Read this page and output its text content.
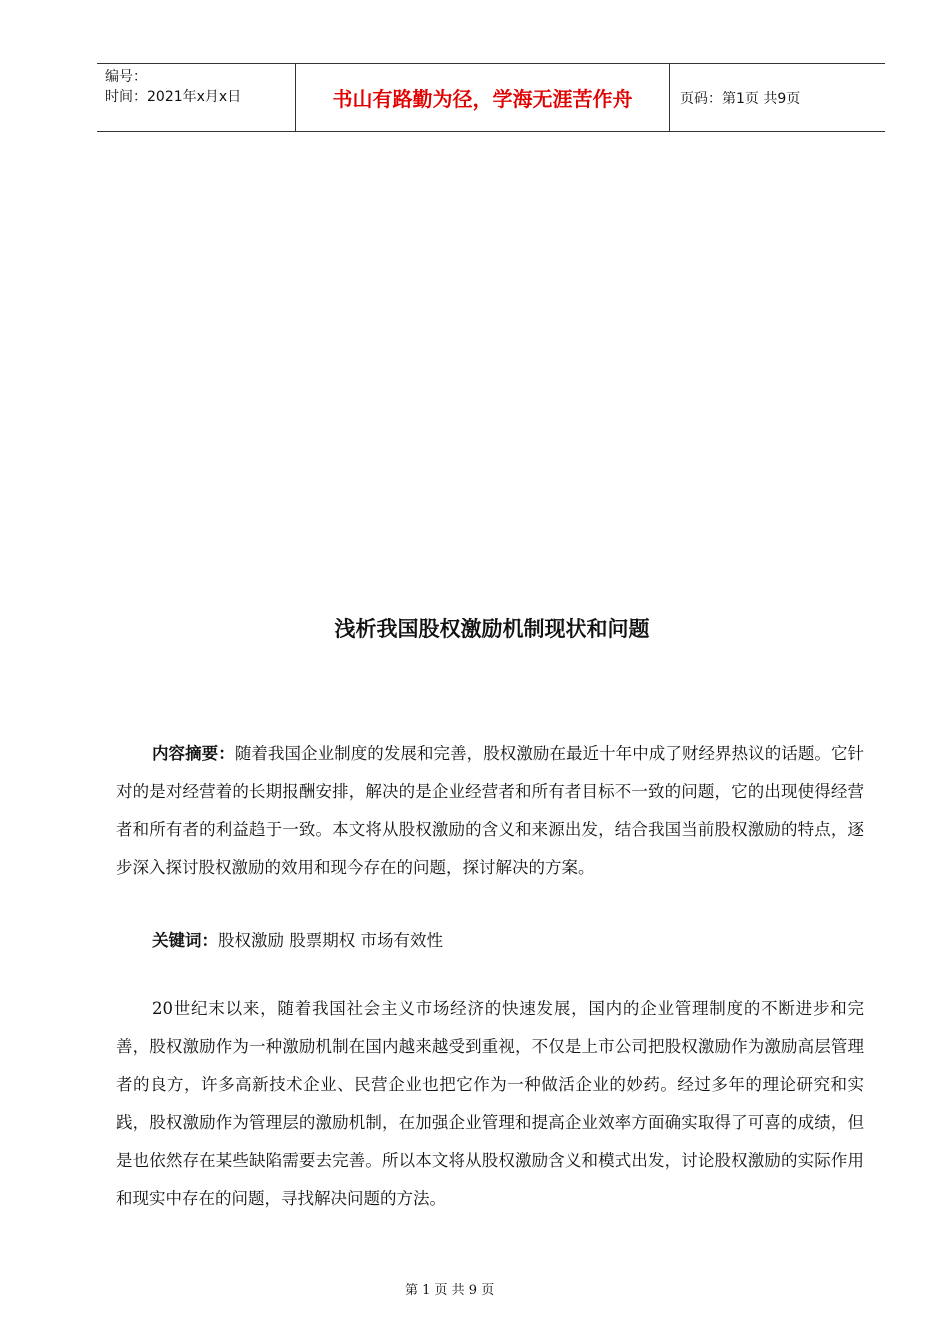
编号：
时间：2021年x月x日	书山有路勤为径，学海无涯苦作舟	页码：第1页 共9页
浅析我国股权激励机制现状和问题

内容摘要：随着我国企业制度的发展和完善，股权激励在最近十年中成了财经界热议的话题。它针对的是对经营着的长期报酬安排，解决的是企业经营者和所有者目标不一致的问题，它的出现使得经营者和所有者的利益趋于一致。本文将从股权激励的含义和来源出发，结合我国当前股权激励的特点，逐步深入探讨股权激励的效用和现今存在的问题，探讨解决的方案。

关键词：股权激励 股票期权 市场有效性

20世纪末以来，随着我国社会主义市场经济的快速发展，国内的企业管理制度的不断进步和完善，股权激励作为一种激励机制在国内越来越受到重视，不仅是上市公司把股权激励作为激励高层管理者的良方，许多高新技术企业、民营企业也把它作为一种做活企业的妙药。经过多年的理论研究和实践，股权激励作为管理层的激励机制，在加强企业管理和提高企业效率方面确实取得了可喜的成绩，但是也依然存在某些缺陷需要去完善。所以本文将从股权激励含义和模式出发，讨论股权激励的实际作用和现实中存在的问题，寻找解决问题的方法。

第 1 页 共 9 页
